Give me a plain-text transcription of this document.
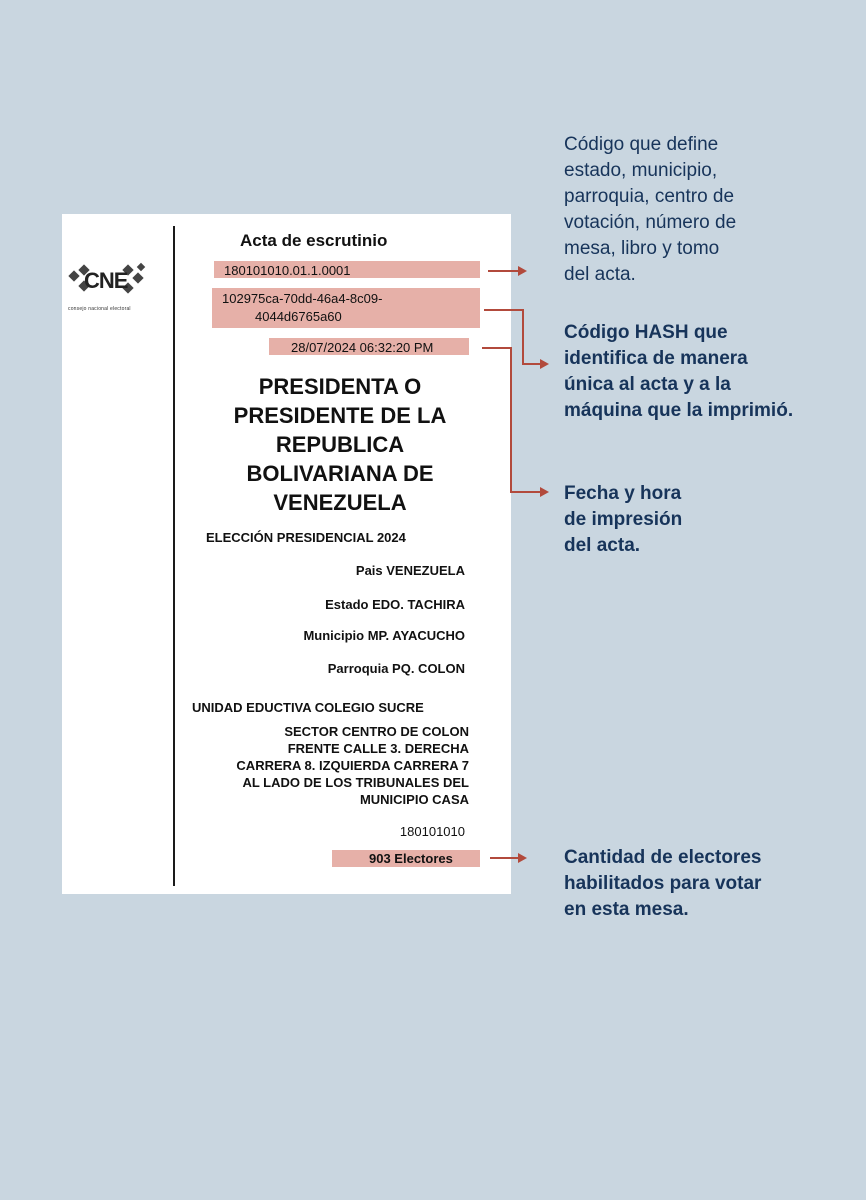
CNE
consejo nacional electoral
Acta de escrutinio
180101010.01.1.0001
102975ca-70dd-46a4-8c09-
4044d6765a60
28/07/2024 06:32:20 PM
PRESIDENTA O
PRESIDENTE DE LA
REPUBLICA
BOLIVARIANA DE
VENEZUELA
ELECCIÓN PRESIDENCIAL 2024
Pais VENEZUELA
Estado EDO. TACHIRA
Municipio MP. AYACUCHO
Parroquia PQ. COLON
UNIDAD EDUCTIVA COLEGIO SUCRE
SECTOR CENTRO DE COLON
FRENTE CALLE 3. DERECHA
CARRERA 8. IZQUIERDA CARRERA 7
AL LADO DE LOS TRIBUNALES DEL
MUNICIPIO CASA
180101010
903 Electores
Código que define
estado, municipio,
parroquia, centro de
votación, número de
mesa, libro y tomo
del acta.
Código HASH que
identifica de manera
única al acta y a la
máquina que la imprimió.
Fecha y hora
de impresión
del acta.
Cantidad de electores
habilitados para votar
en esta mesa.
